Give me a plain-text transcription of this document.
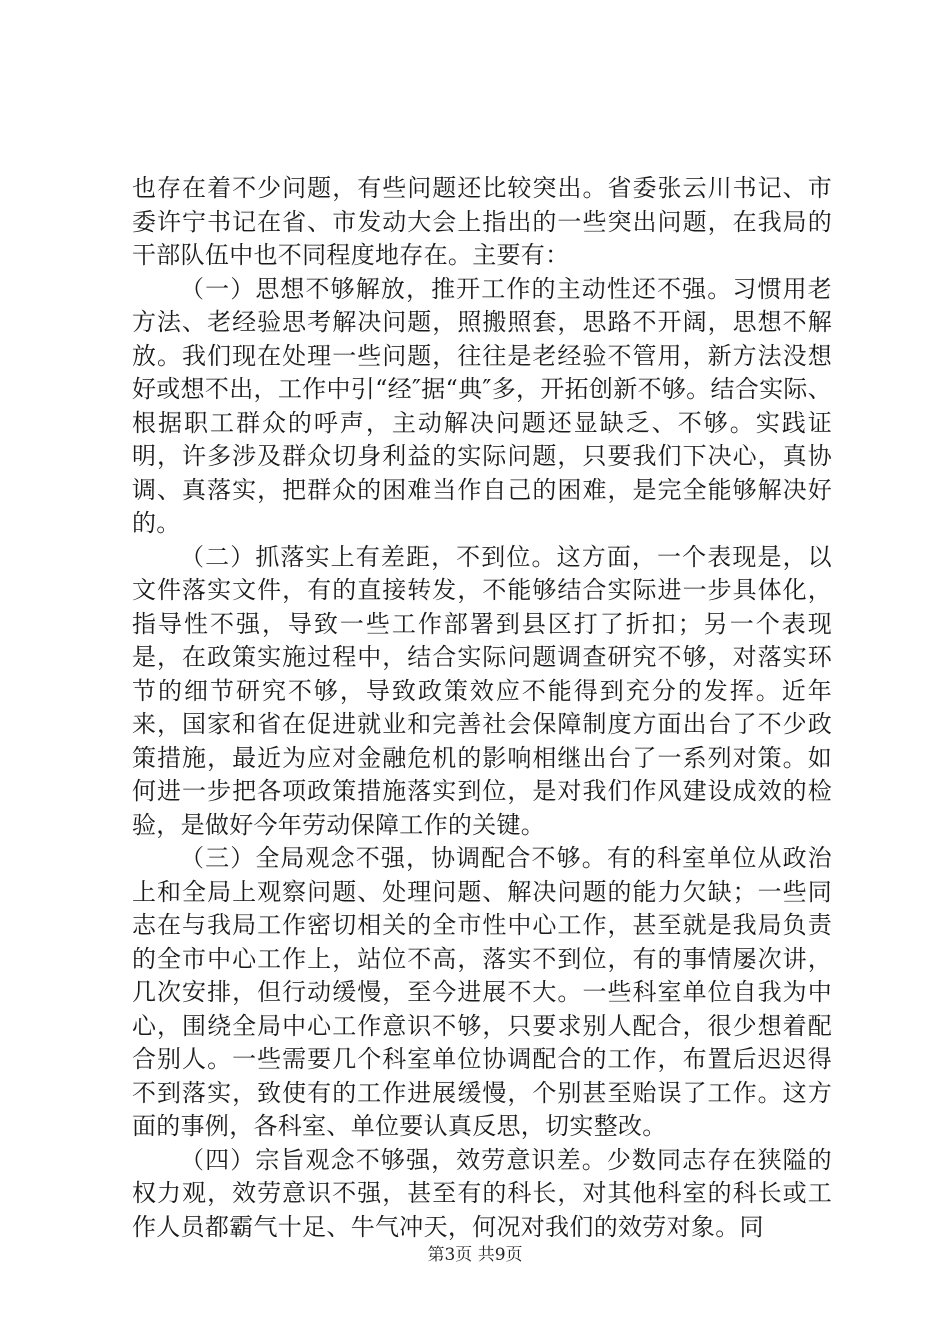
也存在着不少问题，有些问题还比较突出。省委张云川书记、市委许宁书记在省、市发动大会上指出的一些突出问题，在我局的干部队伍中也不同程度地存在。主要有：

（一）思想不够解放，推开工作的主动性还不强。习惯用老方法、老经验思考解决问题，照搬照套，思路不开阔，思想不解放。我们现在处理一些问题，往往是老经验不管用，新方法没想好或想不出，工作中引“经″据“典″多，开拓创新不够。结合实际、根据职工群众的呼声，主动解决问题还显缺乏、不够。实践证明，许多涉及群众切身利益的实际问题，只要我们下决心，真协调、真落实，把群众的困难当作自己的困难，是完全能够解决好的。

（二）抓落实上有差距，不到位。这方面，一个表现是，以文件落实文件，有的直接转发，不能够结合实际进一步具体化，指导性不强，导致一些工作部署到县区打了折扣；另一个表现是，在政策实施过程中，结合实际问题调查研究不够，对落实环节的细节研究不够，导致政策效应不能得到充分的发挥。近年来，国家和省在促进就业和完善社会保障制度方面出台了不少政策措施，最近为应对金融危机的影响相继出台了一系列对策。如何进一步把各项政策措施落实到位，是对我们作风建设成效的检验，是做好今年劳动保障工作的关键。

（三）全局观念不强，协调配合不够。有的科室单位从政治上和全局上观察问题、处理问题、解决问题的能力欠缺；一些同志在与我局工作密切相关的全市性中心工作，甚至就是我局负责的全市中心工作上，站位不高，落实不到位，有的事情屡次讲，几次安排，但行动缓慢，至今进展不大。一些科室单位自我为中心，围绕全局中心工作意识不够，只要求别人配合，很少想着配合别人。一些需要几个科室单位协调配合的工作，布置后迟迟得不到落实，致使有的工作进展缓慢，个别甚至贻误了工作。这方面的事例，各科室、单位要认真反思，切实整改。

（四）宗旨观念不够强，效劳意识差。少数同志存在狭隘的权力观，效劳意识不强，甚至有的科长，对其他科室的科长或工作人员都霸气十足、牛气冲天，何况对我们的效劳对象。同

第3页 共9页
